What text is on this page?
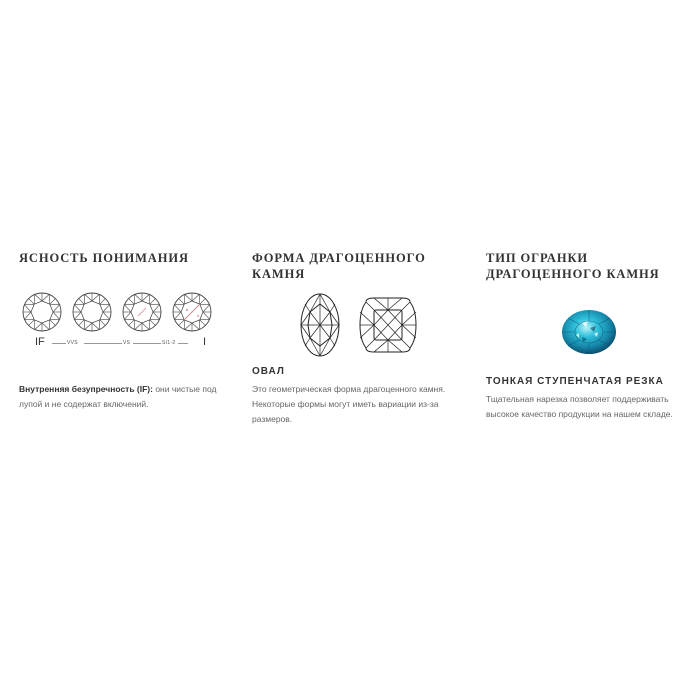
ЯСНОСТЬ ПОНИМАНИЯ
IF	VVS	VS	SI1-2	I

Внутренняя безупречность (IF): они чистые под лупой и не содержат включений.

ФОРМА ДРАГОЦЕННОГО КАМНЯ
ОВАЛ

Это геометрическая форма драгоценного камня. Некоторые формы могут иметь вариации из-за размеров.

ТИП ОГРАНКИ ДРАГОЦЕННОГО КАМНЯ
ТОНКАЯ СТУПЕНЧАТАЯ РЕЗКА

Тщательная нарезка позволяет поддерживать высокое качество продукции на нашем складе.
